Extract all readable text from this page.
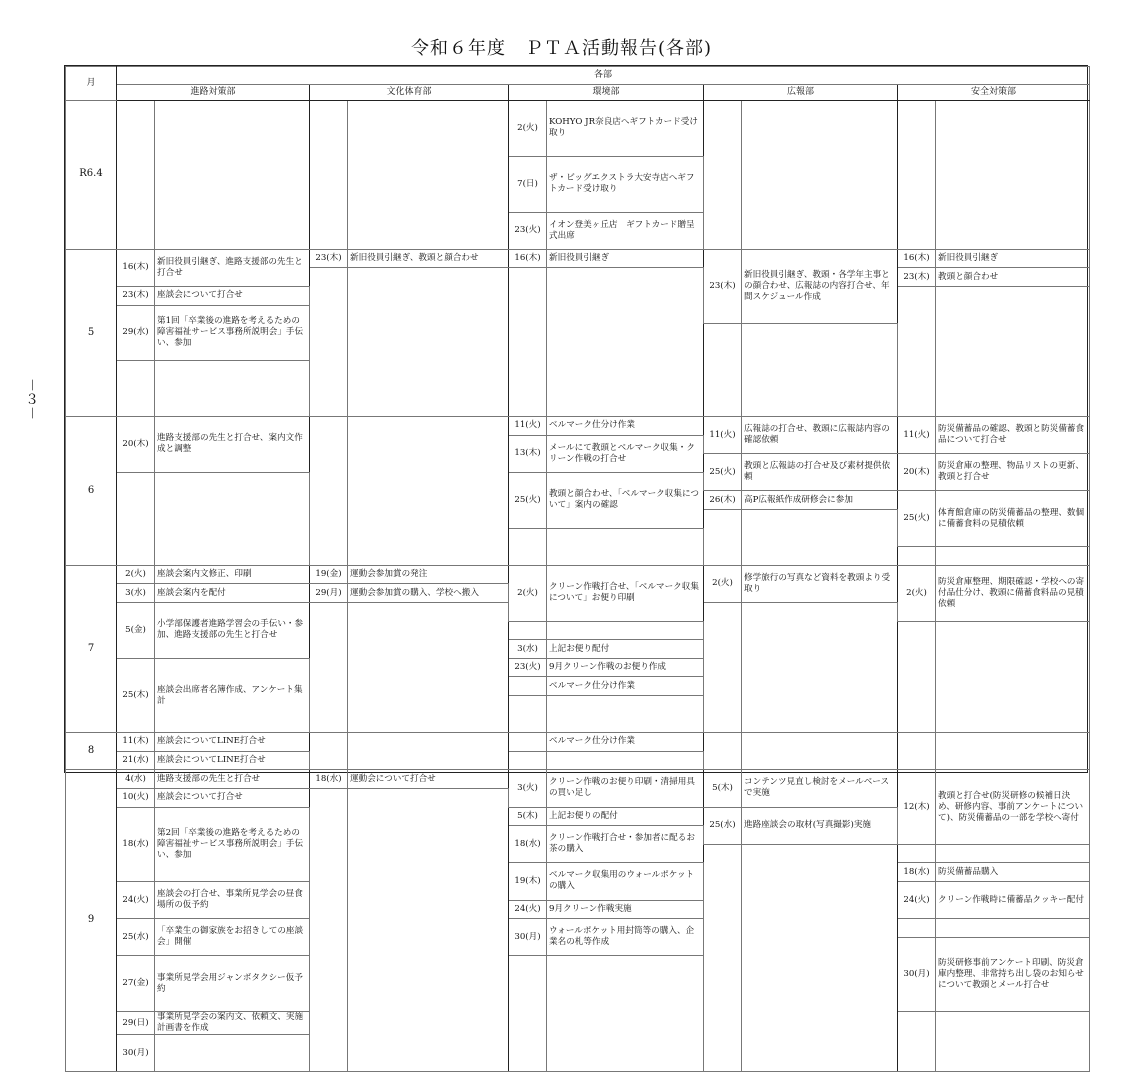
令和６年度　ＰＴＡ活動報告(各部)
－３－
月	各部									
	進路対策部		文化体育部		環境部		広報部		安全対策部	
R6.4					2(火)	KOHYO JR奈良店へギフトカード受け取り				

					7(日)	ザ・ビッグエクストラ大安寺店へギフトカード受け取り				

					23(火)	イオン登美ヶ丘店　ギフトカード贈呈式出席				

5	16(木)	新旧役員引継ぎ、進路支援部の先生と打合せ	23(木)	新旧役員引継ぎ、教頭と顔合わせ	16(木)	新旧役員引継ぎ	23(木)	新旧役員引継ぎ、教頭・各学年主事との顔合わせ、広報誌の内容打合せ、年間スケジュール作成	16(木)	新旧役員引継ぎ
									23(木)	教頭と顔合わせ
	23(木)	座談会について打合せ								
	29(水)	第1回「卒業後の進路を考えるための障害福祉サービス事務所説明会」手伝い、参加								

6	20(木)	進路支援部の先生と打合せ、案内文作成と調整			11(火)	ベルマーク仕分け作業	11(火)	広報誌の打合せ、教頭に広報誌内容の確認依頼	11(火)	防災備蓄品の確認、教頭と防災備蓄食品について打合せ
					13(木)	メールにて教頭とベルマーク収集・クリーン作戦の打合せ				
							25(火)	教頭と広報誌の打合せ及び素材提供依頼	20(木)	防災倉庫の整理、物品リストの更新、教頭と打合せ
					25(火)	教頭と顔合わせ、「ベルマーク収集について」案内の確認				
							26(木)	高P広報紙作成研修会に参加	25(火)	体育館倉庫の防災備蓄品の整理、数個に備蓄食料の見積依頼

7	2(火)	座談会案内文修正、印刷	19(金)	運動会参加賞の発注	2(火)	クリーン作戦打合せ、「ベルマーク収集について」お便り印刷	2(火)	修学旅行の写真など資料を教頭より受取り	2(火)	防災倉庫整理、期限確認・学校への寄付品仕分け、教頭に備蓄食料品の見積依頼
	3(水)	座談会案内を配付	29(月)	運動会参加賞の購入、学校へ搬入						
	5(金)	小学部保護者進路学習会の手伝い・参加、進路支援部の先生と打合せ								

					3(水)	上記お便り配付				
	25(木)	座談会出席者名簿作成、アンケート集計			23(火)	9月クリーン作戦のお便り作成				
						ベルマーク仕分け作業				

8	11(木)	座談会についてLINE打合せ				ベルマーク仕分け作業				
	21(水)	座談会についてLINE打合せ								
9	4(水)	進路支援部の先生と打合せ	18(水)	運動会について打合せ	3(火)	クリーン作戦のお便り印刷・清掃用具の買い足し	5(木)	コンテンツ見直し検討をメールベースで実施	12(木)	教頭と打合せ(防災研修の候補日決め、研修内容、事前アンケートについて)、防災備蓄品の一部を学校へ寄付
	10(火)	座談会について打合せ								
	18(水)	第2回「卒業後の進路を考えるための障害福祉サービス事務所説明会」手伝い、参加			5(木)	上記お便りの配付	25(水)	進路座談会の取材(写真撮影)実施		
					18(水)	クリーン作戦打合せ・参加者に配るお茶の購入				

					19(木)	ベルマーク収集用のウォールポケットの購入			18(水)	防災備蓄品購入
	24(火)	座談会の打合せ、事業所見学会の昼食場所の仮予約							24(火)	クリーン作戦時に備蓄品クッキー配付
					24(火)	9月クリーン作戦実施				
	25(水)	「卒業生の御家族をお招きしての座談会」開催			30(月)	ウォールポケット用封筒等の購入、企業名の札等作成				
									30(月)	防災研修事前アンケート印刷、防災倉庫内整理、非常持ち出し袋のお知らせについて教頭とメール打合せ
	27(金)	事業所見学会用ジャンボタクシー仮予約								

	29(日)	事業所見学会の案内文、依頼文、実施計画書を作成								
	30(月)									
